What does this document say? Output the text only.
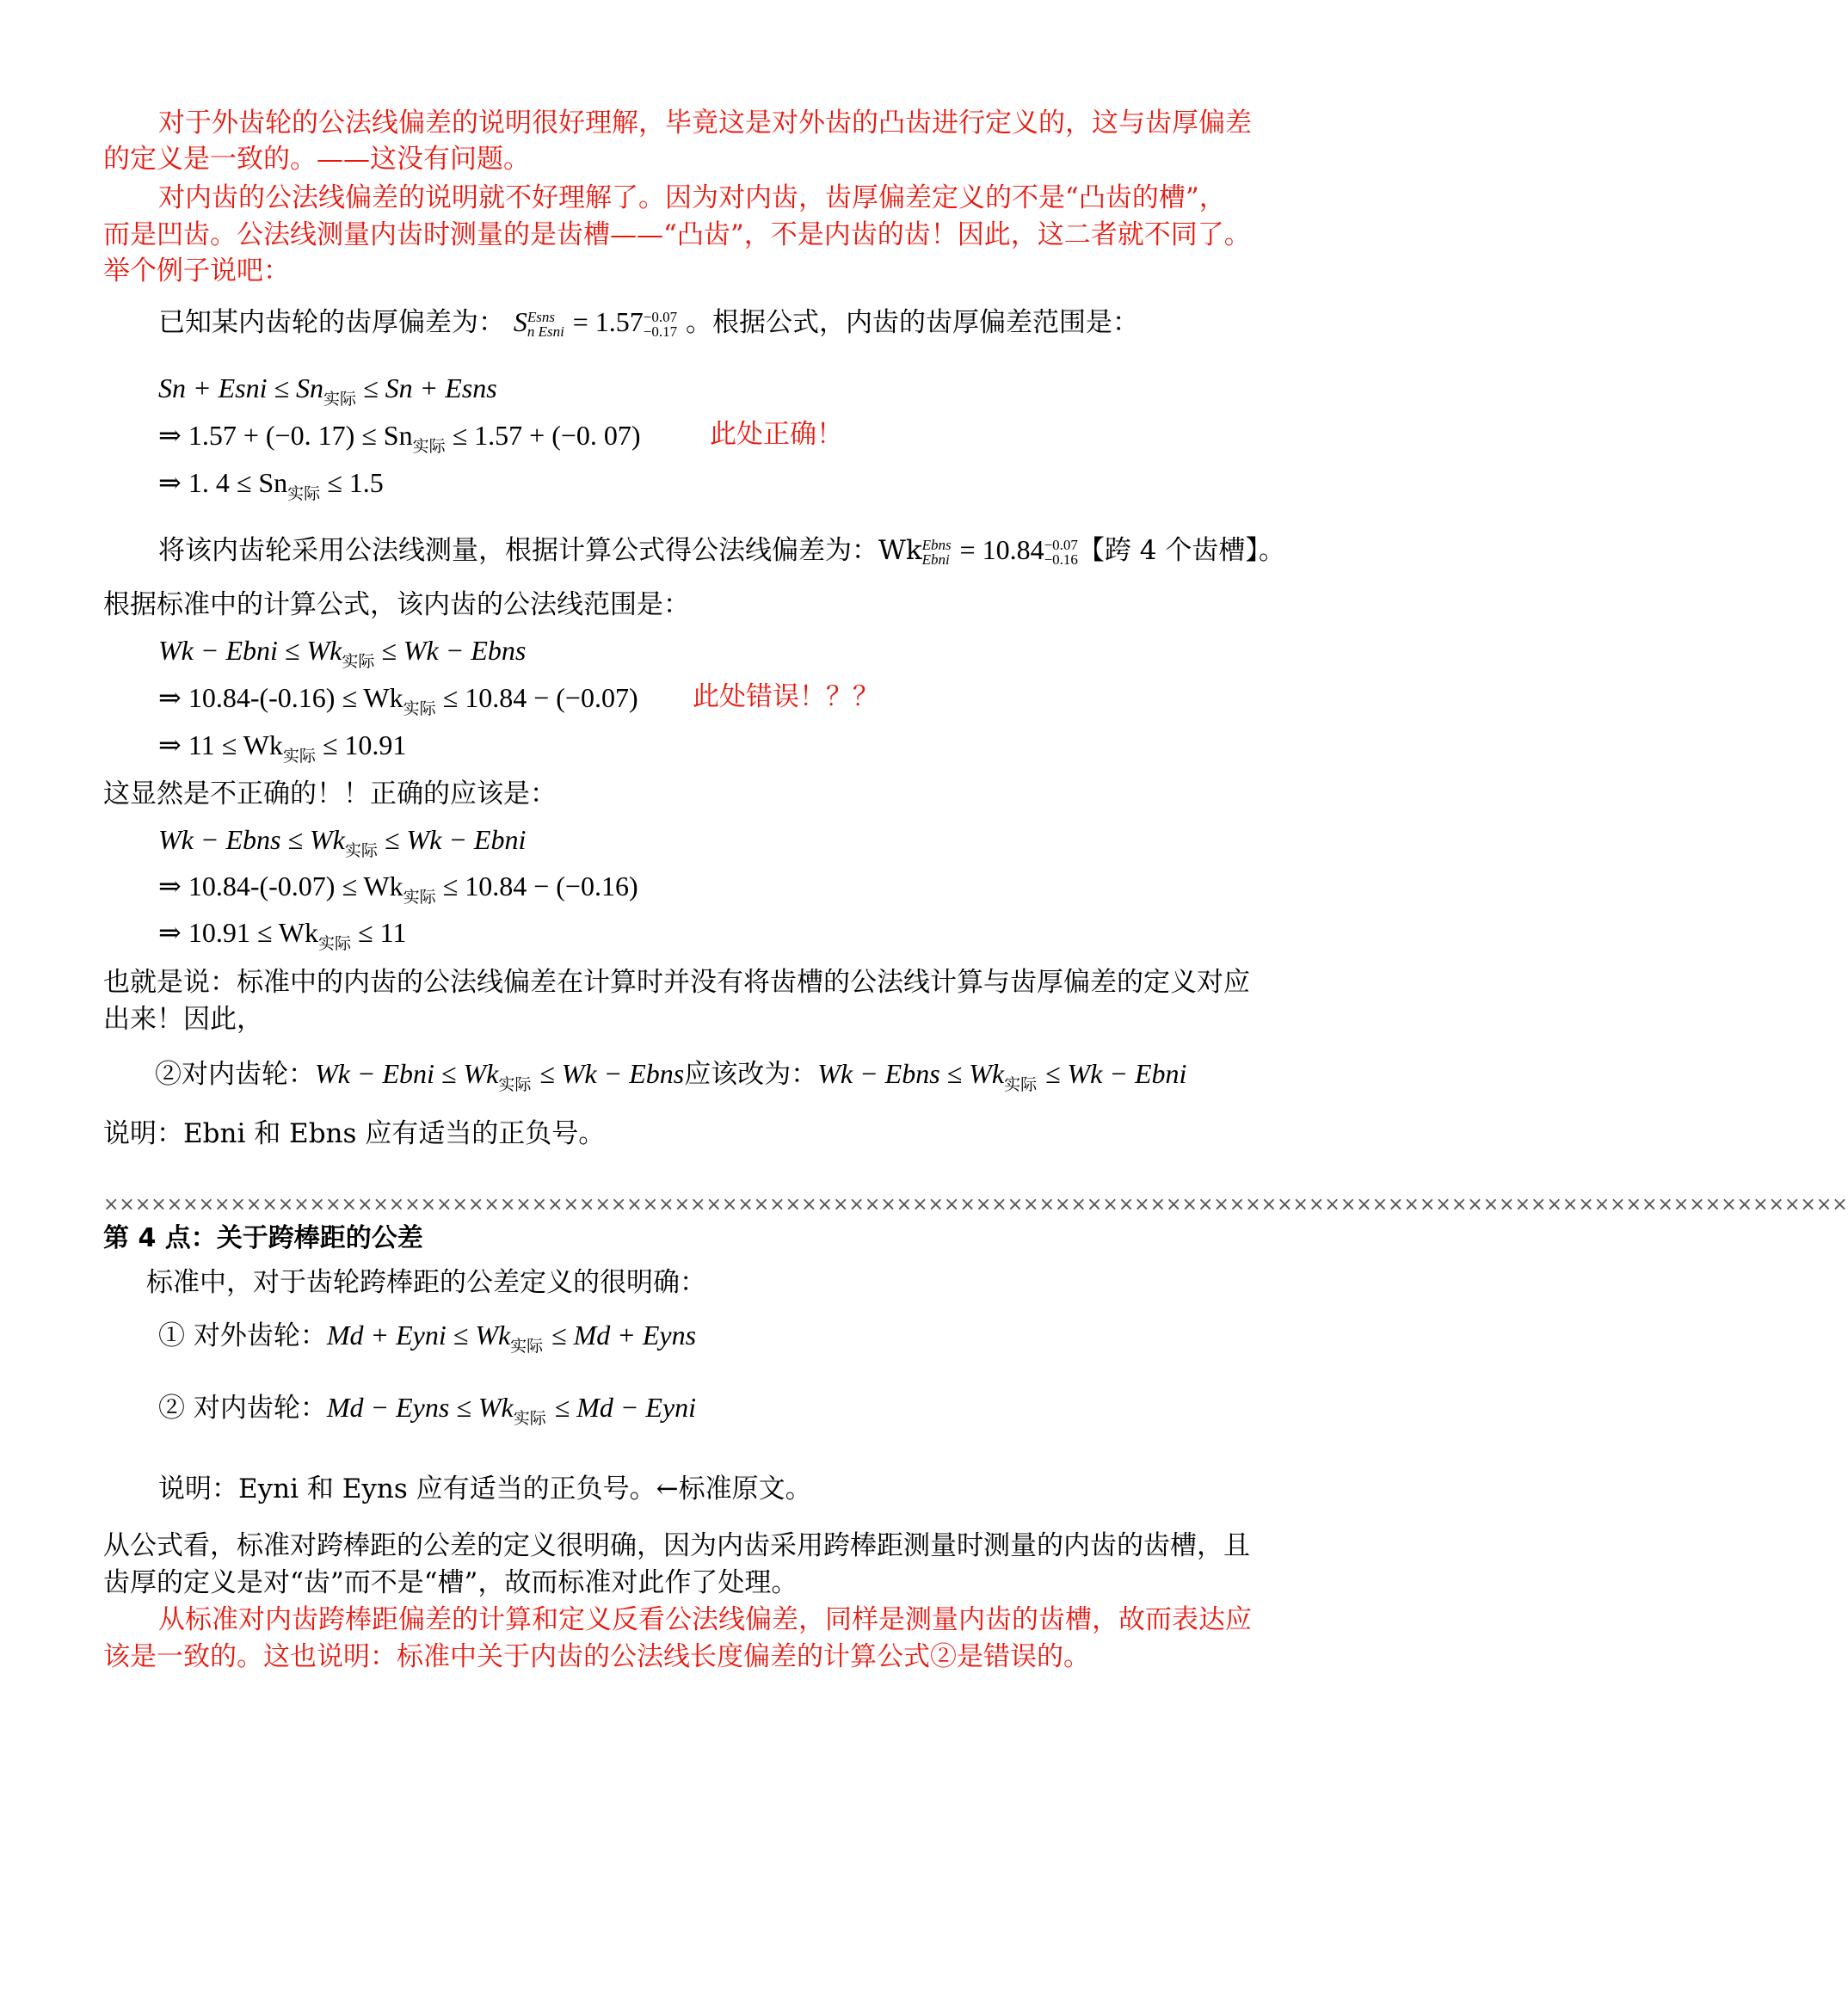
对于外齿轮的公法线偏差的说明很好理解，毕竟这是对外齿的凸齿进行定义的，这与齿厚偏差
的定义是一致的。——这没有问题。
对内齿的公法线偏差的说明就不好理解了。因为对内齿，齿厚偏差定义的不是“凸齿的槽”，
而是凹齿。公法线测量内齿时测量的是齿槽——“凸齿”，不是内齿的齿！因此，这二者就不同了。
举个例子说吧：
已知某内齿轮的齿厚偏差为： S Esns
n Esni = 1.57 −0.07
−0.17 。根据公式，内齿的齿厚偏差范围是：
Sn + Esni ≤ $Sn_{实际} \le Sn$ + Esns
⇒ 1.57 + (−0. $17) \le Sn_{实际} \le 1.57 + (-0$. 07)	此处正确！
⇒ 1. $4 \le Sn_{实际} \le 1.5$
将该内齿轮采用公法线测量，根据计算公式得公法线偏差为：Wk Ebns
Ebni = 10.84 −0.07
−0.16 【跨 4 个齿槽】。
根据标准中的计算公式，该内齿的公法线范围是：
Wk − Ebni ≤ $Wk_{实际} \le Wk$ − Ebns
⇒ $10.84-(-0.16) \le Wk_{实际} \le 10.84 - (-0.07)$ 此处错误！？？
⇒ $11 \le Wk_{实际} \le 10.91$
这显然是不正确的！！正确的应该是：
Wk − Ebns ≤ $Wk_{实际} \le Wk$ − Ebni
⇒ $10.84-(-0.07) \le Wk_{实际} \le 10.84 - (-0.16)$
⇒ $10.91 \le Wk_{实际} \le 11$
也就是说：标准中的内齿的公法线偏差在计算时并没有将齿槽的公法线计算与齿厚偏差的定义对应
出来！因此，
②对内齿轮：Wk − Ebni ≤ $Wk_{实际} \le Wk$ − Ebns应该改为：Wk − Ebns ≤ $Wk_{实际} \le Wk$ − Ebni
说明：Ebni 和 Ebns 应有适当的正负号。
××××××××××××××××××××××××××××××××××××××××××××××××××××××××××××××××××××××××××××××××××××××××××××××××××××××××××××××
第 4 点：关于跨棒距的公差
标准中，对于齿轮跨棒距的公差定义的很明确：
① 对外齿轮：Md + Eyni ≤ $Wk_{实际} \le Md$ + Eyns
② 对内齿轮：Md − Eyns ≤ $Wk_{实际} \le Md$ − Eyni
说明：Eyni 和 Eyns 应有适当的正负号。←标准原文。
从公式看，标准对跨棒距的公差的定义很明确，因为内齿采用跨棒距测量时测量的内齿的齿槽，且
齿厚的定义是对“齿”而不是“槽”，故而标准对此作了处理。
从标准对内齿跨棒距偏差的计算和定义反看公法线偏差，同样是测量内齿的齿槽，故而表达应
该是一致的。这也说明：标准中关于内齿的公法线长度偏差的计算公式②是错误的。
